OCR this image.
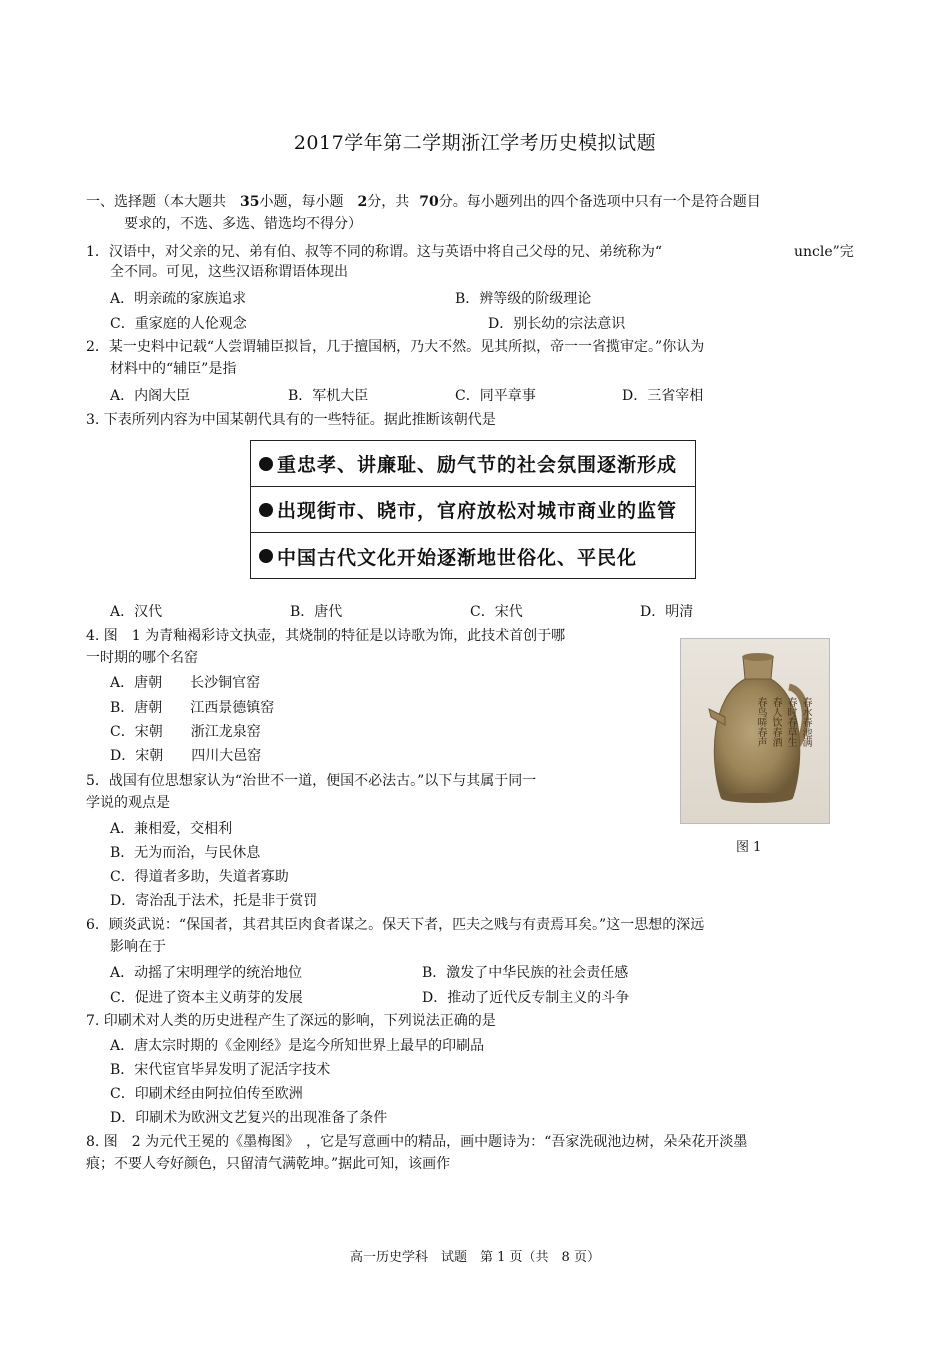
2017学年第二学期浙江学考历史模拟试题
一、选择题（本大题共 35小题，每小题 2分，共 70分。每小题列出的四个备选项中只有一个是符合题目
要求的，不选、多选、错选均不得分）
1．汉语中，对父亲的兄、弟有伯、叔等不同的称谓。这与英语中将自己父母的兄、弟统称为“	uncle”完
全不同。可见，这些汉语称谓语体现出
A．明亲疏的家族追求	B．辨等级的阶级理论
C．重家庭的人伦观念	D．别长幼的宗法意识
2．某一史料中记载“人尝谓辅臣拟旨，几于擅国柄，乃大不然。见其所拟，帝一一省揽审定。”你认为
材料中的“辅臣”是指
A．内阁大臣	B．军机大臣	C．同平章事	D．三省宰相
3. 下表所列内容为中国某朝代具有的一些特征。据此推断该朝代是
重忠孝、讲廉耻、励气节的社会氛围逐渐形成
出现街市、晓市，官府放松对城市商业的监管
中国古代文化开始逐渐地世俗化、平民化
A．汉代	B．唐代	C．宋代	D．明清
4. 图　1 为青釉褐彩诗文执壶，其烧制的特征是以诗歌为饰，此技术首创于哪
一时期的哪个名窑
A．唐朝　　长沙铜官窑
B．唐朝　　江西景德镇窑
C．宋朝　　浙江龙泉窑
D．宋朝　　四川大邑窑
春水春池满
春时春草生
春人饮春酒
春鸟哢春声
图 1
5．战国有位思想家认为“治世不一道，便国不必法古。”以下与其属于同一
学说的观点是
A．兼相爱，交相利
B．无为而治，与民休息
C．得道者多助，失道者寡助
D．寄治乱于法术，托是非于赏罚
6．顾炎武说：“保国者，其君其臣肉食者谋之。保天下者，匹夫之贱与有责焉耳矣。”这一思想的深远
影响在于
A．动摇了宋明理学的统治地位	B．激发了中华民族的社会责任感
C．促进了资本主义萌芽的发展	D．推动了近代反专制主义的斗争
7. 印刷术对人类的历史进程产生了深远的影响，下列说法正确的是
A．唐太宗时期的《金刚经》是迄今所知世界上最早的印刷品
B．宋代宦官毕昇发明了泥活字技术
C．印刷术经由阿拉伯传至欧洲
D．印刷术为欧洲文艺复兴的出现准备了条件
8. 图　2 为元代王冕的《墨梅图》　，它是写意画中的精品，画中题诗为：“吾家洗砚池边树，朵朵花开淡墨
痕；不要人夸好颜色，只留清气满乾坤。”据此可知，该画作
高一历史学科　试题　第 1 页（共　8 页）
